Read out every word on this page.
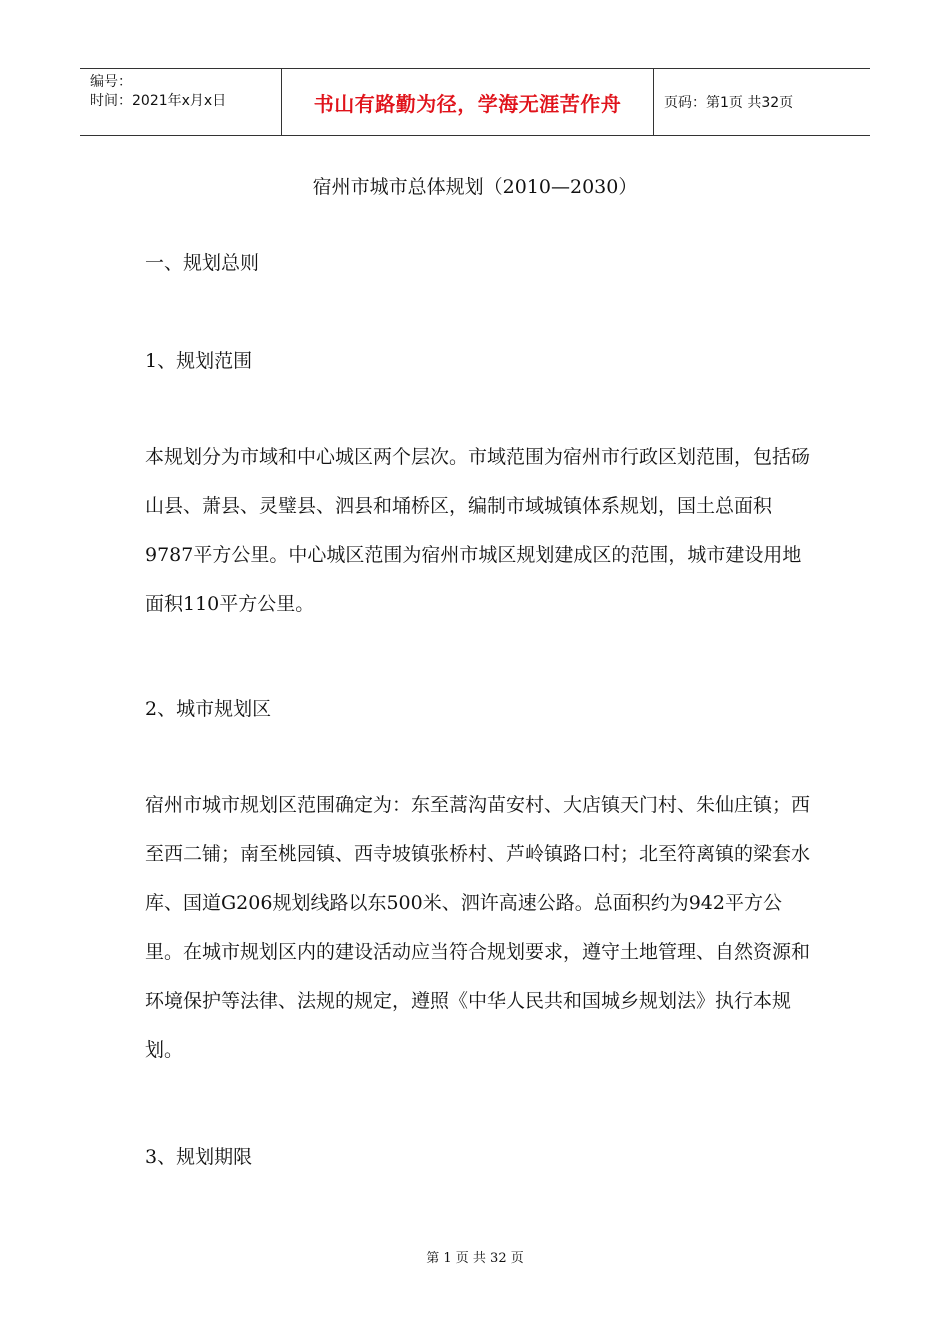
编号：
时间：2021年x月x日	书山有路勤为径，学海无涯苦作舟	页码：第1页 共32页
宿州市城市总体规划（2010—2030）
一、规划总则
1、规划范围
本规划分为市域和中心城区两个层次。市域范围为宿州市行政区划范围，包括砀山县、萧县、灵璧县、泗县和埇桥区，编制市域城镇体系规划，国土总面积9787平方公里。中心城区范围为宿州市城区规划建成区的范围，城市建设用地面积110平方公里。
2、城市规划区
宿州市城市规划区范围确定为：东至蒿沟苗安村、大店镇天门村、朱仙庄镇；西至西二铺；南至桃园镇、西寺坡镇张桥村、芦岭镇路口村；北至符离镇的梁套水库、国道G206规划线路以东500米、泗许高速公路。总面积约为942平方公里。在城市规划区内的建设活动应当符合规划要求，遵守土地管理、自然资源和环境保护等法律、法规的规定，遵照《中华人民共和国城乡规划法》执行本规划。
3、规划期限
第 1 页 共 32 页
